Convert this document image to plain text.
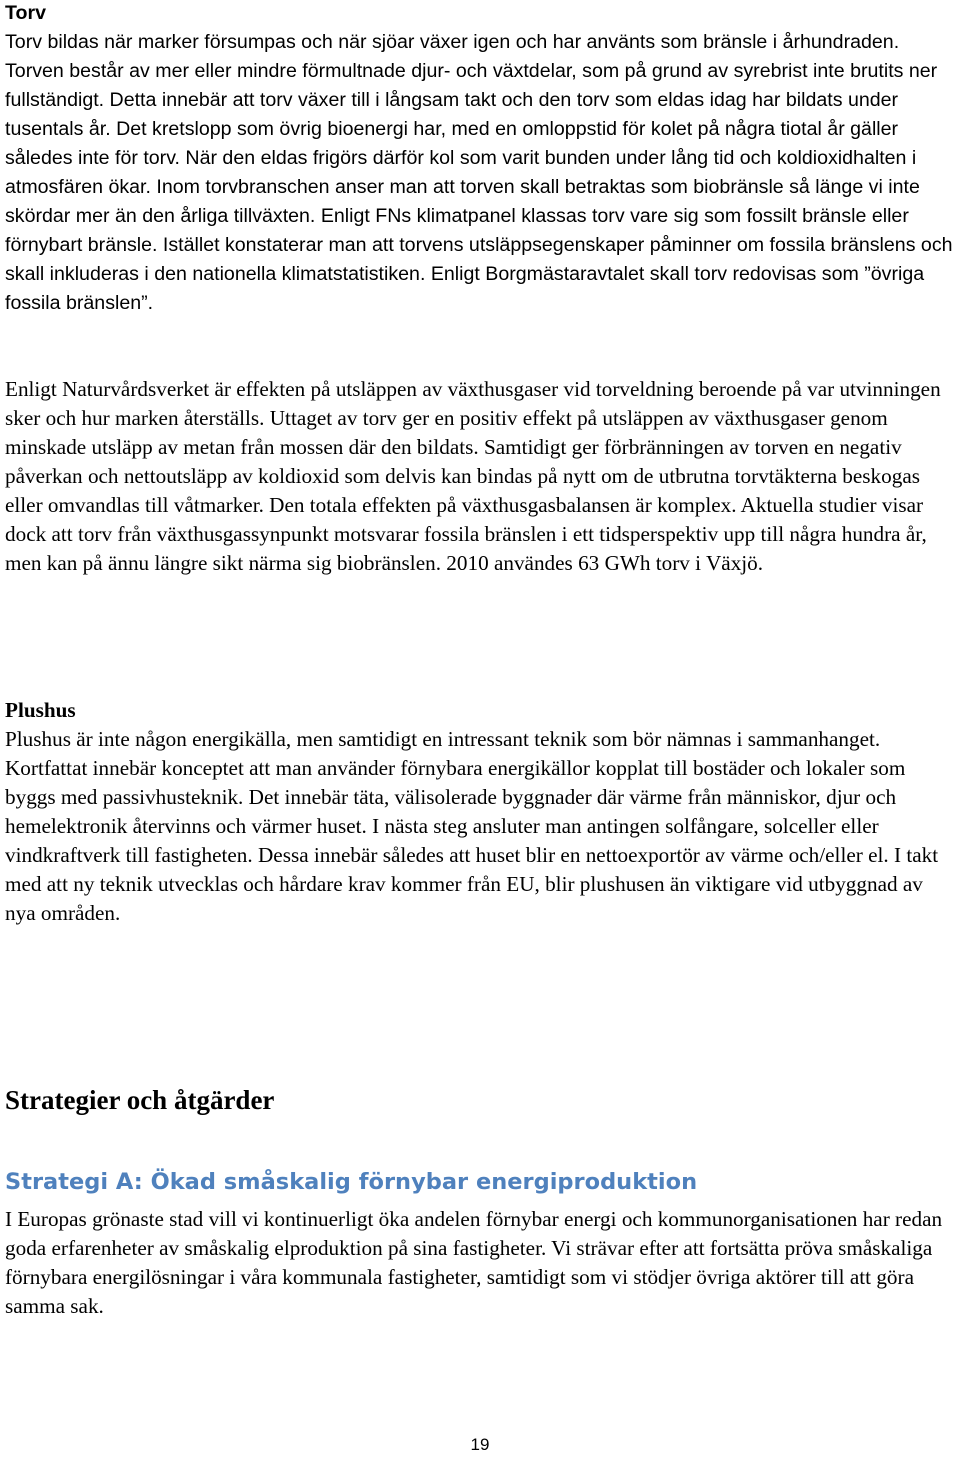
Torv

Torv bildas när marker försumpas och när sjöar växer igen och har använts som bränsle i århundraden. Torven består av mer eller mindre förmultnade djur- och växtdelar, som på grund av syrebrist inte brutits ner fullständigt. Detta innebär att torv växer till i långsam takt och den torv som eldas idag har bildats under tusentals år. Det kretslopp som övrig bioenergi har, med en omloppstid för kolet på några tiotal år gäller således inte för torv. När den eldas frigörs därför kol som varit bunden under lång tid och koldioxidhalten i atmosfären ökar. Inom torvbranschen anser man att torven skall betraktas som biobränsle så länge vi inte skördar mer än den årliga tillväxten. Enligt FNs klimatpanel klassas torv vare sig som fossilt bränsle eller förnybart bränsle. Istället konstaterar man att torvens utsläppsegenskaper påminner om fossila bränslens och skall inkluderas i den nationella klimatstatistiken. Enligt Borgmästaravtalet skall torv redovisas som ”övriga fossila bränslen”.

Enligt Naturvårdsverket är effekten på utsläppen av växthusgaser vid torveldning beroende på var utvinningen sker och hur marken återställs. Uttaget av torv ger en positiv effekt på utsläppen av växthusgaser genom minskade utsläpp av metan från mossen där den bildats. Samtidigt ger förbränningen av torven en negativ påverkan och nettoutsläpp av koldioxid som delvis kan bindas på nytt om de utbrutna torvtäkterna beskogas eller omvandlas till våtmarker. Den totala effekten på växthusgasbalansen är komplex. Aktuella studier visar dock att torv från växthusgassynpunkt motsvarar fossila bränslen i ett tidsperspektiv upp till några hundra år, men kan på ännu längre sikt närma sig biobränslen. 2010 användes 63 GWh torv i Växjö.

Plushus

Plushus är inte någon energikälla, men samtidigt en intressant teknik som bör nämnas i sammanhanget. Kortfattat innebär konceptet att man använder förnybara energikällor kopplat till bostäder och lokaler som byggs med passivhusteknik. Det innebär täta, välisolerade byggnader där värme från människor, djur och hemelektronik återvinns och värmer huset. I nästa steg ansluter man antingen solfångare, solceller eller vindkraftverk till fastigheten. Dessa innebär således att huset blir en nettoexportör av värme och/eller el. I takt med att ny teknik utvecklas och hårdare krav kommer från EU, blir plushusen än viktigare vid utbyggnad av nya områden.

Strategier och åtgärder
Strategi A: Ökad småskalig förnybar energiproduktion

I Europas grönaste stad vill vi kontinuerligt öka andelen förnybar energi och kommunorganisationen har redan goda erfarenheter av småskalig elproduktion på sina fastigheter. Vi strävar efter att fortsätta pröva småskaliga förnybara energilösningar i våra kommunala fastigheter, samtidigt som vi stödjer övriga aktörer till att göra samma sak.

19
